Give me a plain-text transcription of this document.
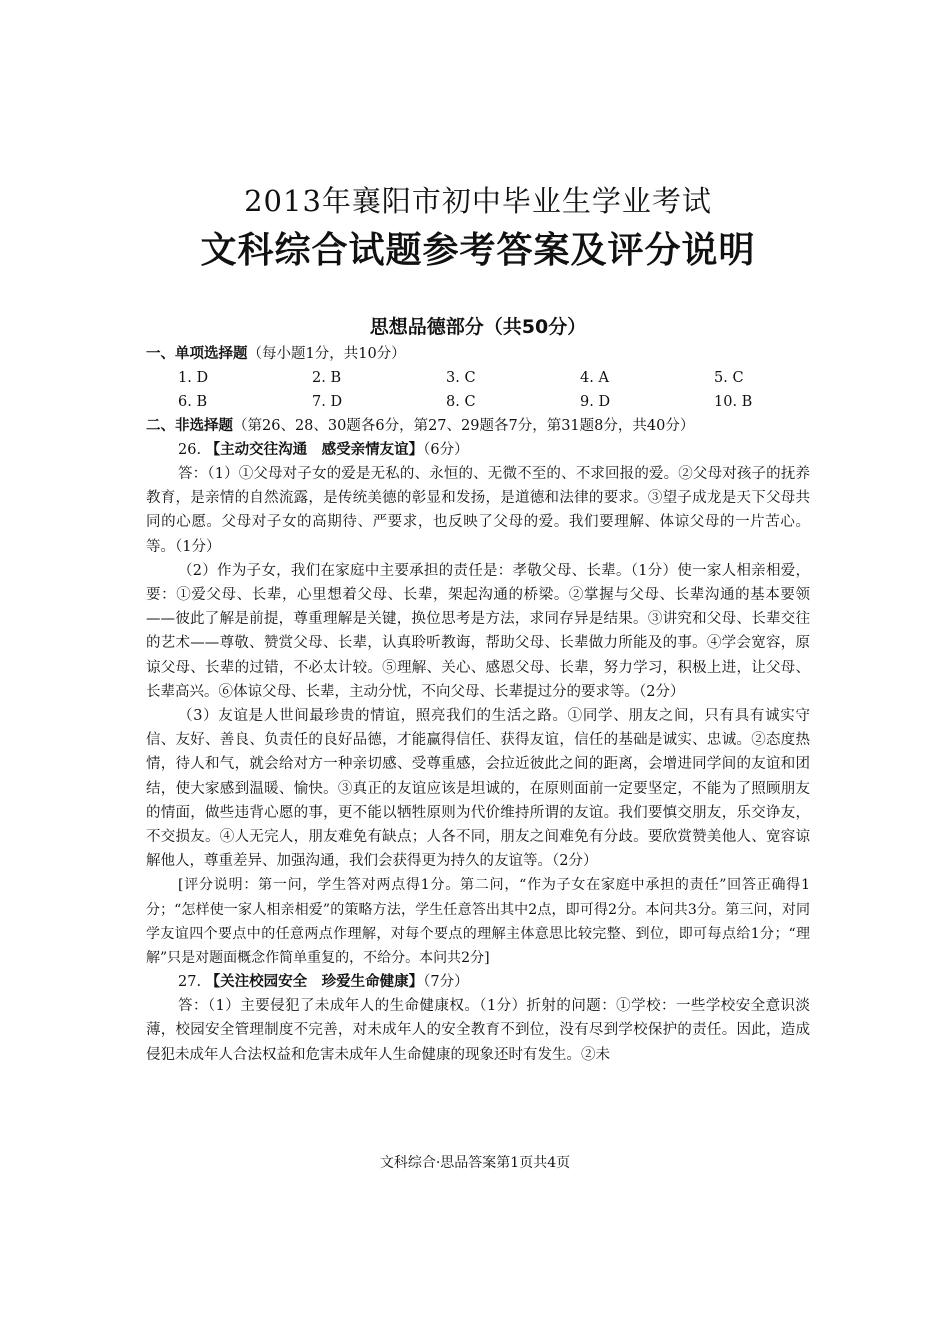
2013年襄阳市初中毕业生学业考试
文科综合试题参考答案及评分说明
思想品德部分（共50分）
一、单项选择题（每小题1分，共10分）
1. D	2. B	3. C	4. A	5. C
6. B	7. D	8. C	9. D	10. B
二、非选择题（第26、28、30题各6分，第27、29题各7分，第31题8分，共40分）
26. 【主动交往沟通　感受亲情友谊】（6分）

答：（1）①父母对子女的爱是无私的、永恒的、无微不至的、不求回报的爱。②父母对孩子的抚养教育，是亲情的自然流露，是传统美德的彰显和发扬，是道德和法律的要求。③望子成龙是天下父母共同的心愿。父母对子女的高期待、严要求，也反映了父母的爱。我们要理解、体谅父母的一片苦心。等。（1分）

（2）作为子女，我们在家庭中主要承担的责任是：孝敬父母、长辈。（1分）使一家人相亲相爱，要：①爱父母、长辈，心里想着父母、长辈，架起沟通的桥梁。②掌握与父母、长辈沟通的基本要领——彼此了解是前提，尊重理解是关键，换位思考是方法，求同存异是结果。③讲究和父母、长辈交往的艺术——尊敬、赞赏父母、长辈，认真聆听教诲，帮助父母、长辈做力所能及的事。④学会宽容，原谅父母、长辈的过错，不必太计较。⑤理解、关心、感恩父母、长辈，努力学习，积极上进，让父母、长辈高兴。⑥体谅父母、长辈，主动分忧，不向父母、长辈提过分的要求等。（2分）

（3）友谊是人世间最珍贵的情谊，照亮我们的生活之路。①同学、朋友之间，只有具有诚实守信、友好、善良、负责任的良好品德，才能赢得信任、获得友谊，信任的基础是诚实、忠诚。②态度热情，待人和气，就会给对方一种亲切感、受尊重感，会拉近彼此之间的距离，会增进同学间的友谊和团结，使大家感到温暖、愉快。③真正的友谊应该是坦诚的，在原则面前一定要坚定，不能为了照顾朋友的情面，做些违背心愿的事，更不能以牺牲原则为代价维持所谓的友谊。我们要慎交朋友，乐交诤友，不交损友。④人无完人，朋友难免有缺点；人各不同，朋友之间难免有分歧。要欣赏赞美他人、宽容谅解他人，尊重差异、加强沟通，我们会获得更为持久的友谊等。（2分）

[评分说明：第一问，学生答对两点得1分。第二问，“作为子女在家庭中承担的责任”回答正确得1分；“怎样使一家人相亲相爱”的策略方法，学生任意答出其中2点，即可得2分。本问共3分。第三问，对同学友谊四个要点中的任意两点作理解，对每个要点的理解主体意思比较完整、到位，即可每点给1分；“理解”只是对题面概念作简单重复的，不给分。本问共2分]

27. 【关注校园安全　珍爱生命健康】（7分）

答：（1）主要侵犯了未成年人的生命健康权。（1分）折射的问题：①学校：一些学校安全意识淡薄，校园安全管理制度不完善，对未成年人的安全教育不到位，没有尽到学校保护的责任。因此，造成侵犯未成年人合法权益和危害未成年人生命健康的现象还时有发生。②未

文科综合·思品答案第1页共4页
